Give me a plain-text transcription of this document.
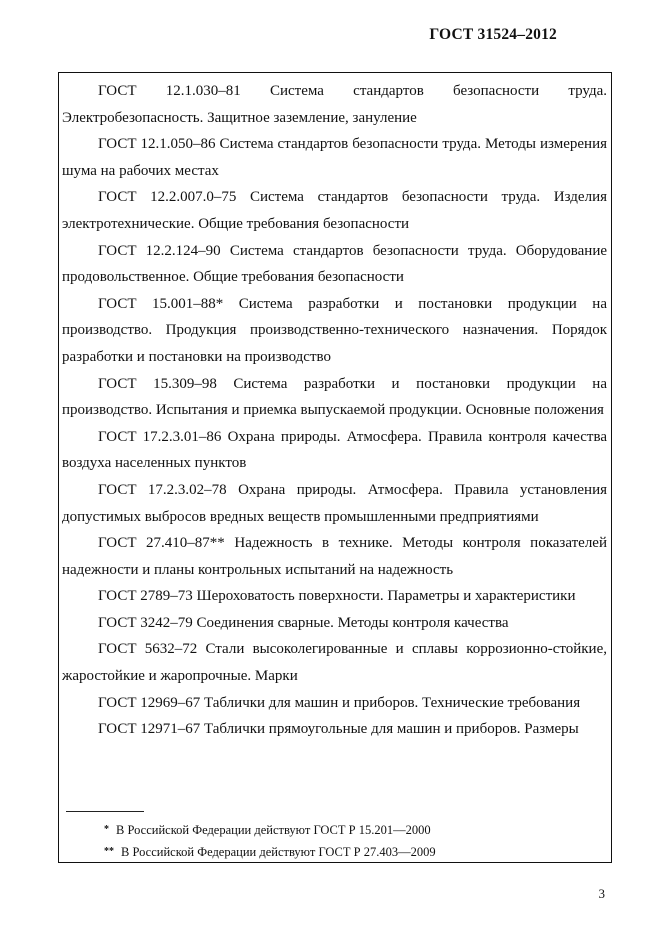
ГОСТ 31524–2012

ГОСТ 12.1.030–81 Система стандартов безопасности труда. Электробезопасность. Защитное заземление, зануление

ГОСТ 12.1.050–86 Система стандартов безопасности труда. Методы измерения шума на рабочих местах

ГОСТ 12.2.007.0–75 Система стандартов безопасности труда. Изделия электротехнические. Общие требования безопасности

ГОСТ 12.2.124–90 Система стандартов безопасности труда. Оборудование продовольственное. Общие требования безопасности

ГОСТ 15.001–88* Система разработки и постановки продукции на производство. Продукция производственно-технического назначения. Порядок разработки и постановки на производство

ГОСТ 15.309–98 Система разработки и постановки продукции на производство. Испытания и приемка выпускаемой продукции. Основные положения

ГОСТ 17.2.3.01–86 Охрана природы. Атмосфера. Правила контроля качества воздуха населенных пунктов

ГОСТ 17.2.3.02–78 Охрана природы. Атмосфера. Правила установления допустимых выбросов вредных веществ промышленными предприятиями

ГОСТ 27.410–87** Надежность в технике. Методы контроля показателей надежности и планы контрольных испытаний на надежность

ГОСТ 2789–73 Шероховатость поверхности. Параметры и характеристики

ГОСТ 3242–79 Соединения сварные. Методы контроля качества

ГОСТ 5632–72 Стали высоколегированные и сплавы коррозионно-стойкие, жаростойкие и жаропрочные. Марки

ГОСТ 12969–67 Таблички для машин и приборов. Технические требования

ГОСТ 12971–67 Таблички прямоугольные для машин и приборов. Размеры

* В Российской Федерации действуют ГОСТ Р 15.201—2000
** В Российской Федерации действуют ГОСТ Р 27.403—2009
3
